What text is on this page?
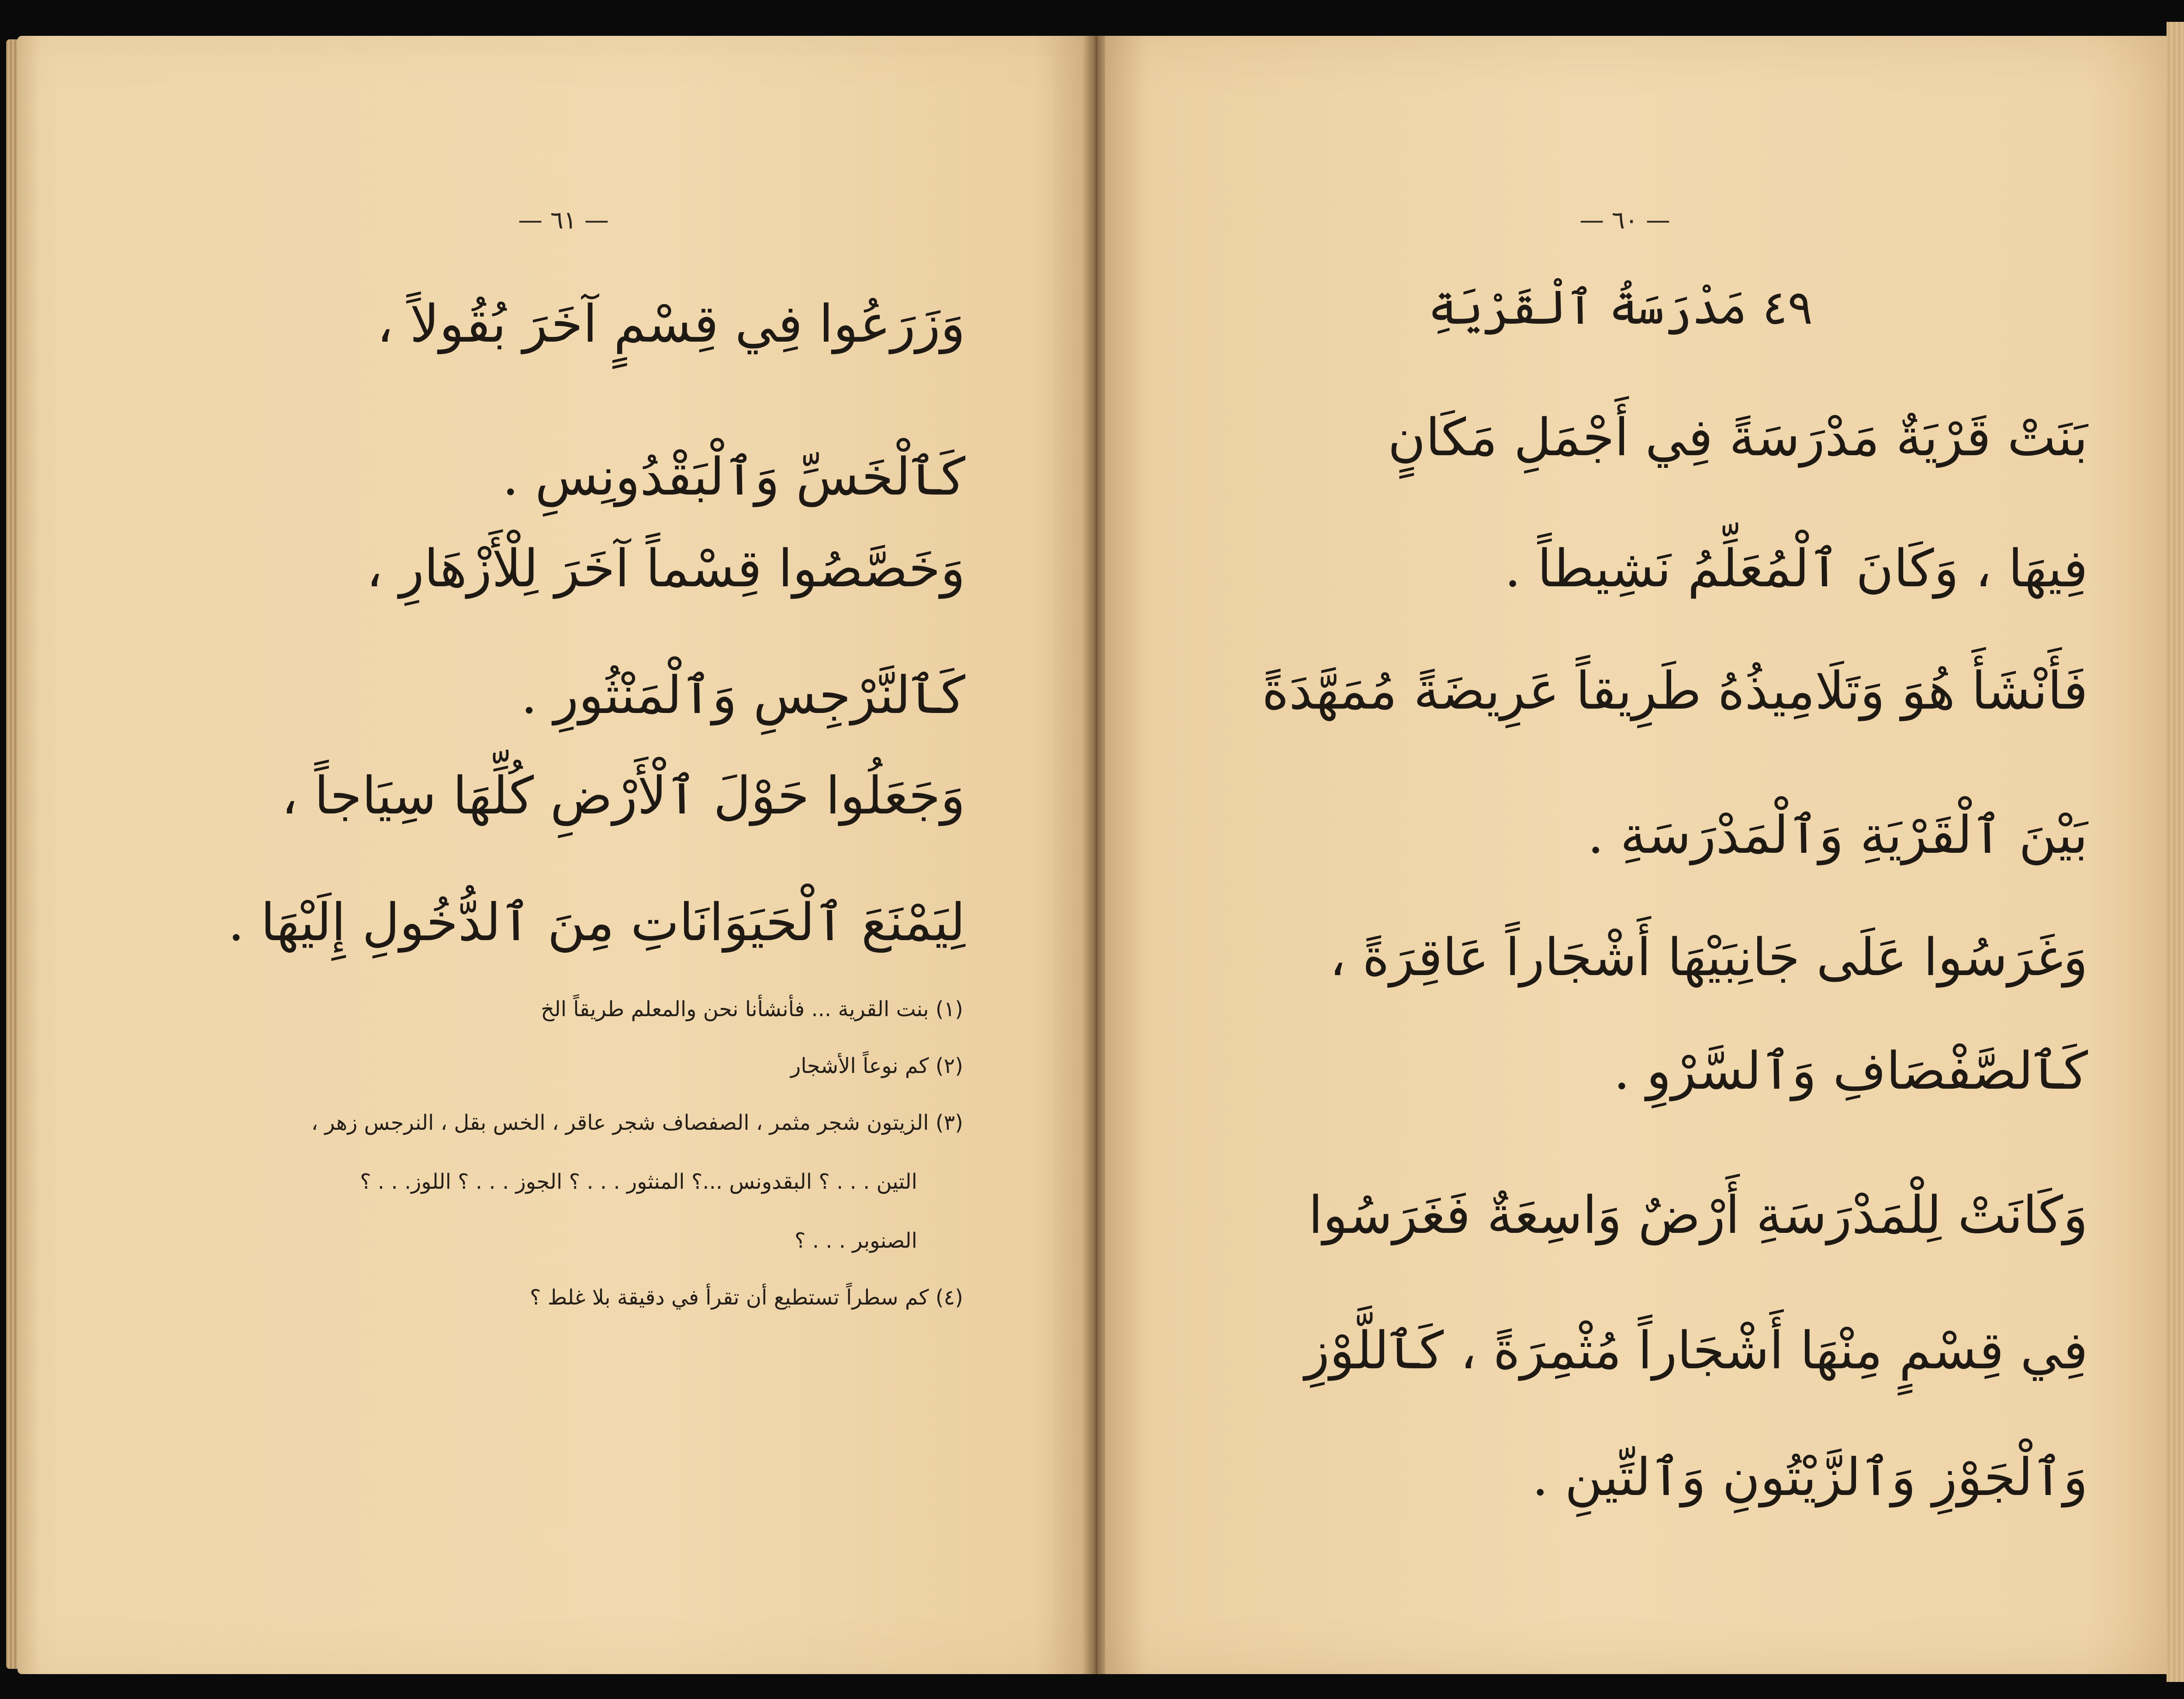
— ٦١ —
وَزَرَعُوا فِي قِسْمٍ آخَرَ بُقُولاً ،
كَٱلْخَسِّ وَٱلْبَقْدُونِسِ .
وَخَصَّصُوا قِسْماً آخَرَ لِلْأَزْهَارِ ،
كَٱلنَّرْجِسِ وَٱلْمَنْثُورِ .
وَجَعَلُوا حَوْلَ ٱلْأَرْضِ كُلِّهَا سِيَاجاً ،
لِيَمْنَعَ ٱلْحَيَوَانَاتِ مِنَ ٱلدُّخُولِ إِلَيْهَا .
(١) بنت القرية ... فأنشأنا نحن والمعلم طريقاً الخ
(٢) كم نوعاً الأشجار
(٣) الزيتون شجر مثمر ، الصفصاف شجر عاقر ، الخس بقل ، النرجس زهر ،
التين . . . ؟ البقدونس ...؟ المنثور . . . ؟ الجوز . . . ؟ اللوز. . . ؟
الصنوبر . . . ؟
(٤) كم سطراً تستطيع أن تقرأ في دقيقة بلا غلط ؟
— ٦٠ —
٤٩ مَدْرَسَةُ ٱلْقَرْيَةِ
بَنَتْ قَرْيَةٌ مَدْرَسَةً فِي أَجْمَلِ مَكَانٍ
فِيهَا ، وَكَانَ ٱلْمُعَلِّمُ نَشِيطاً .
فَأَنْشَأَ هُوَ وَتَلَامِيذُهُ طَرِيقاً عَرِيضَةً مُمَهَّدَةً
بَيْنَ ٱلْقَرْيَةِ وَٱلْمَدْرَسَةِ .
وَغَرَسُوا عَلَى جَانِبَيْهَا أَشْجَاراً عَاقِرَةً ،
كَٱلصَّفْصَافِ وَٱلسَّرْوِ .
وَكَانَتْ لِلْمَدْرَسَةِ أَرْضٌ وَاسِعَةٌ فَغَرَسُوا
فِي قِسْمٍ مِنْهَا أَشْجَاراً مُثْمِرَةً ، كَٱللَّوْزِ
وَٱلْجَوْزِ وَٱلزَّيْتُونِ وَٱلتِّينِ .
